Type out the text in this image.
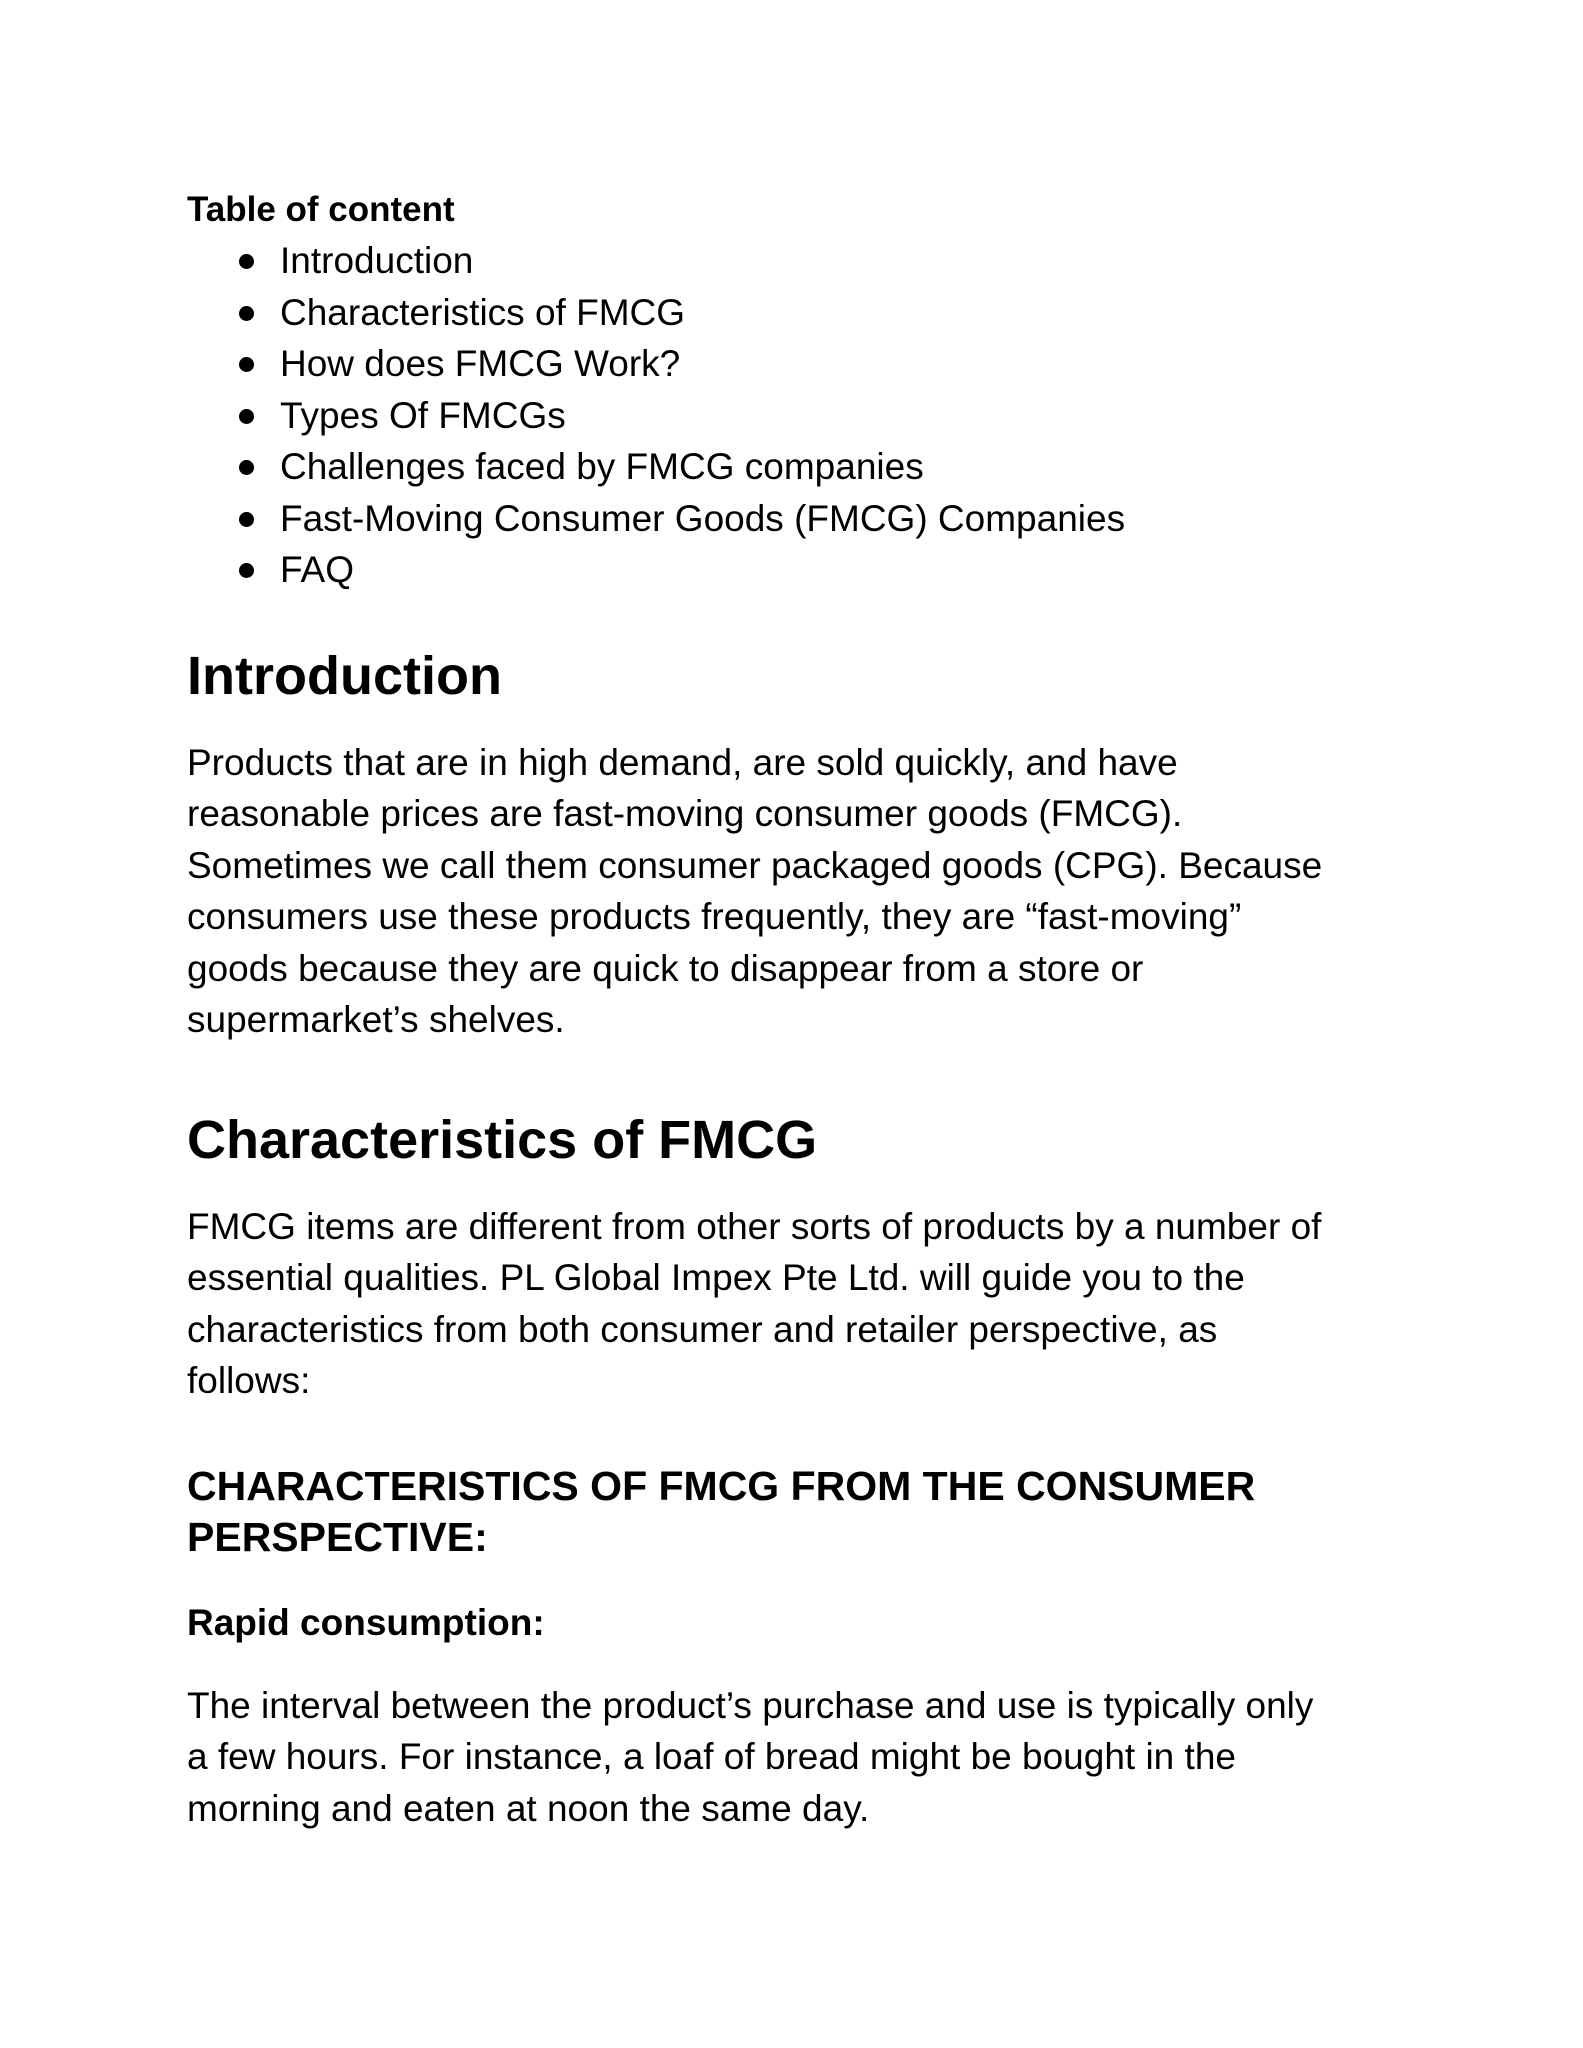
Table of content

Introduction
Characteristics of FMCG
How does FMCG Work?
Types Of FMCGs
Challenges faced by FMCG companies
Fast-Moving Consumer Goods (FMCG) Companies
FAQ
Introduction

Products that are in high demand, are sold quickly, and have
reasonable prices are fast-moving consumer goods (FMCG).
Sometimes we call them consumer packaged goods (CPG). Because
consumers use these products frequently, they are “fast-moving”
goods because they are quick to disappear from a store or
supermarket’s shelves.

Characteristics of FMCG

FMCG items are different from other sorts of products by a number of
essential qualities. PL Global Impex Pte Ltd. will guide you to the
characteristics from both consumer and retailer perspective, as
follows:

CHARACTERISTICS OF FMCG FROM THE CONSUMER
PERSPECTIVE:
Rapid consumption:

The interval between the product’s purchase and use is typically only
a few hours. For instance, a loaf of bread might be bought in the
morning and eaten at noon the same day.
